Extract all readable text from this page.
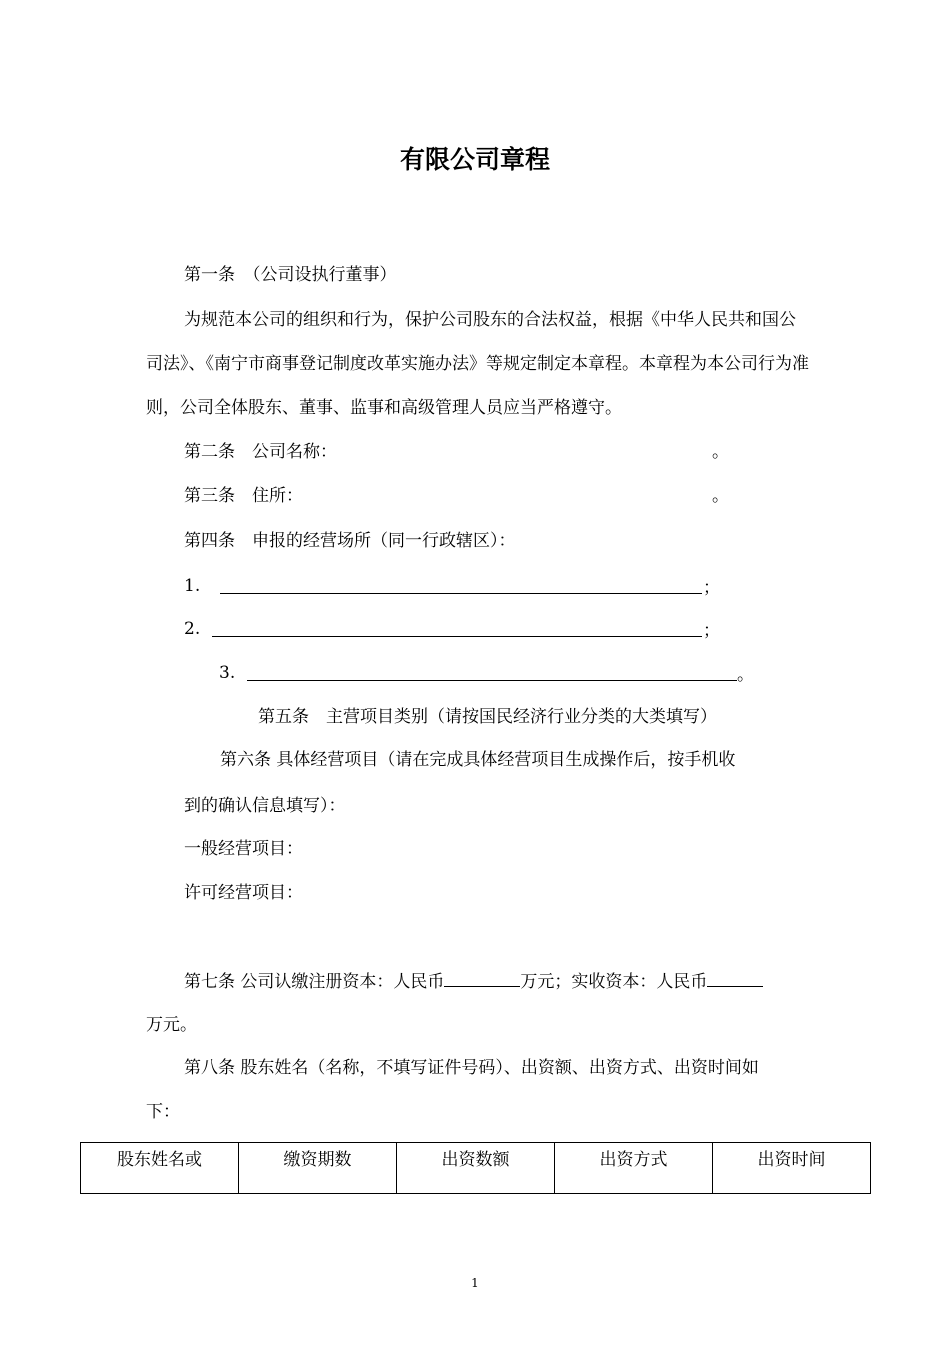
有限公司章程
第一条　（公司设执行董事）
为规范本公司的组织和行为，保护公司股东的合法权益，根据《中华人民共和国公司法》、《南宁市商事登记制度改革实施办法》等规定制定本章程。本章程为本公司行为准则，公司全体股东、董事、监事和高级管理人员应当严格遵守。
第二条　公司名称：	。
第三条　住所：	。
第四条　申报的经营场所（同一行政辖区）：
1.	；
2.	；
3.	。
第五条　主营项目类别（请按国民经济行业分类的大类填写）
第六条 具体经营项目（请在完成具体经营项目生成操作后，按手机收
到的确认信息填写）：
一般经营项目：
许可经营项目：
第七条 公司认缴注册资本：人民币	万元；实收资本：人民币
万元。
第八条 股东姓名（名称，不填写证件号码）、出资额、出资方式、出资时间如
下：
股东姓名或	缴资期数	出资数额	出资方式	出资时间
1
